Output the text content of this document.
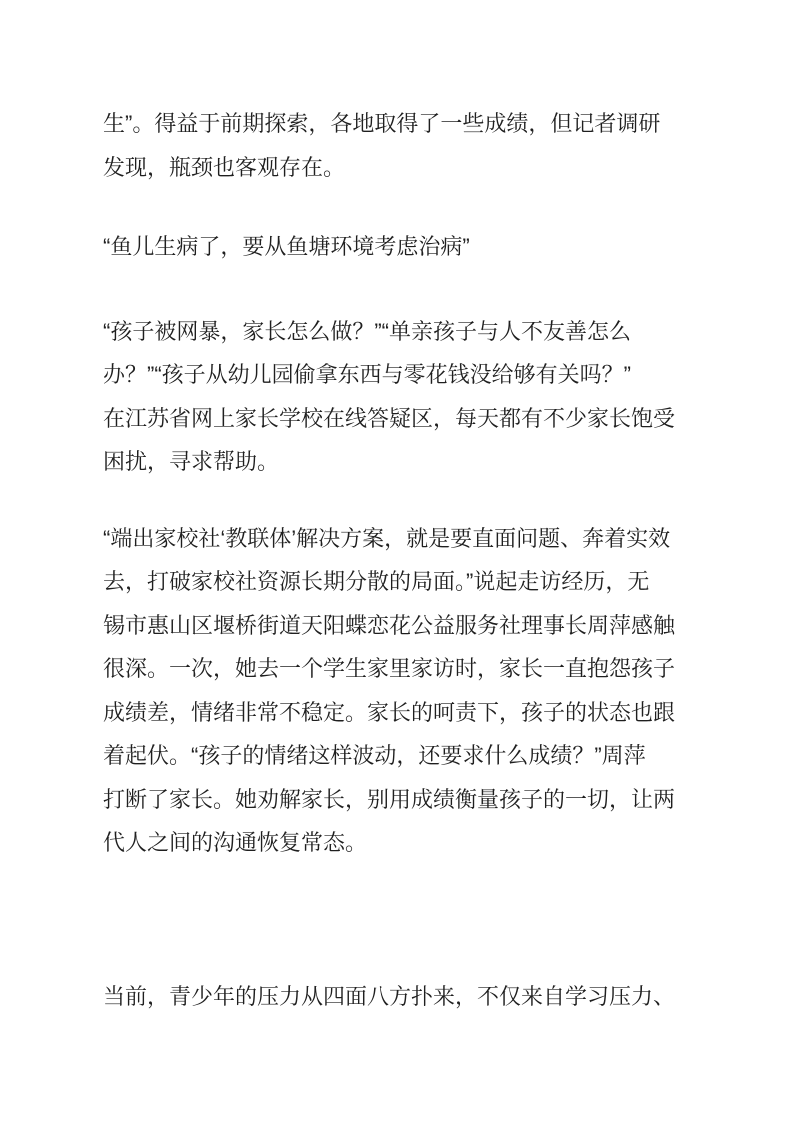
生”。得益于前期探索，各地取得了一些成绩，但记者调研
发现，瓶颈也客观存在。
“鱼儿生病了，要从鱼塘环境考虑治病”
“孩子被网暴，家长怎么做？”“单亲孩子与人不友善怎么
办？”“孩子从幼儿园偷拿东西与零花钱没给够有关吗？”
在江苏省网上家长学校在线答疑区，每天都有不少家长饱受
困扰，寻求帮助。
“端出家校社‘教联体’解决方案，就是要直面问题、奔着实效
去，打破家校社资源长期分散的局面。”说起走访经历，无
锡市惠山区堰桥街道天阳蝶恋花公益服务社理事长周萍感触
很深。一次，她去一个学生家里家访时，家长一直抱怨孩子
成绩差，情绪非常不稳定。家长的呵责下，孩子的状态也跟
着起伏。“孩子的情绪这样波动，还要求什么成绩？”周萍
打断了家长。她劝解家长，别用成绩衡量孩子的一切，让两
代人之间的沟通恢复常态。
当前，青少年的压力从四面八方扑来，不仅来自学习压力、
